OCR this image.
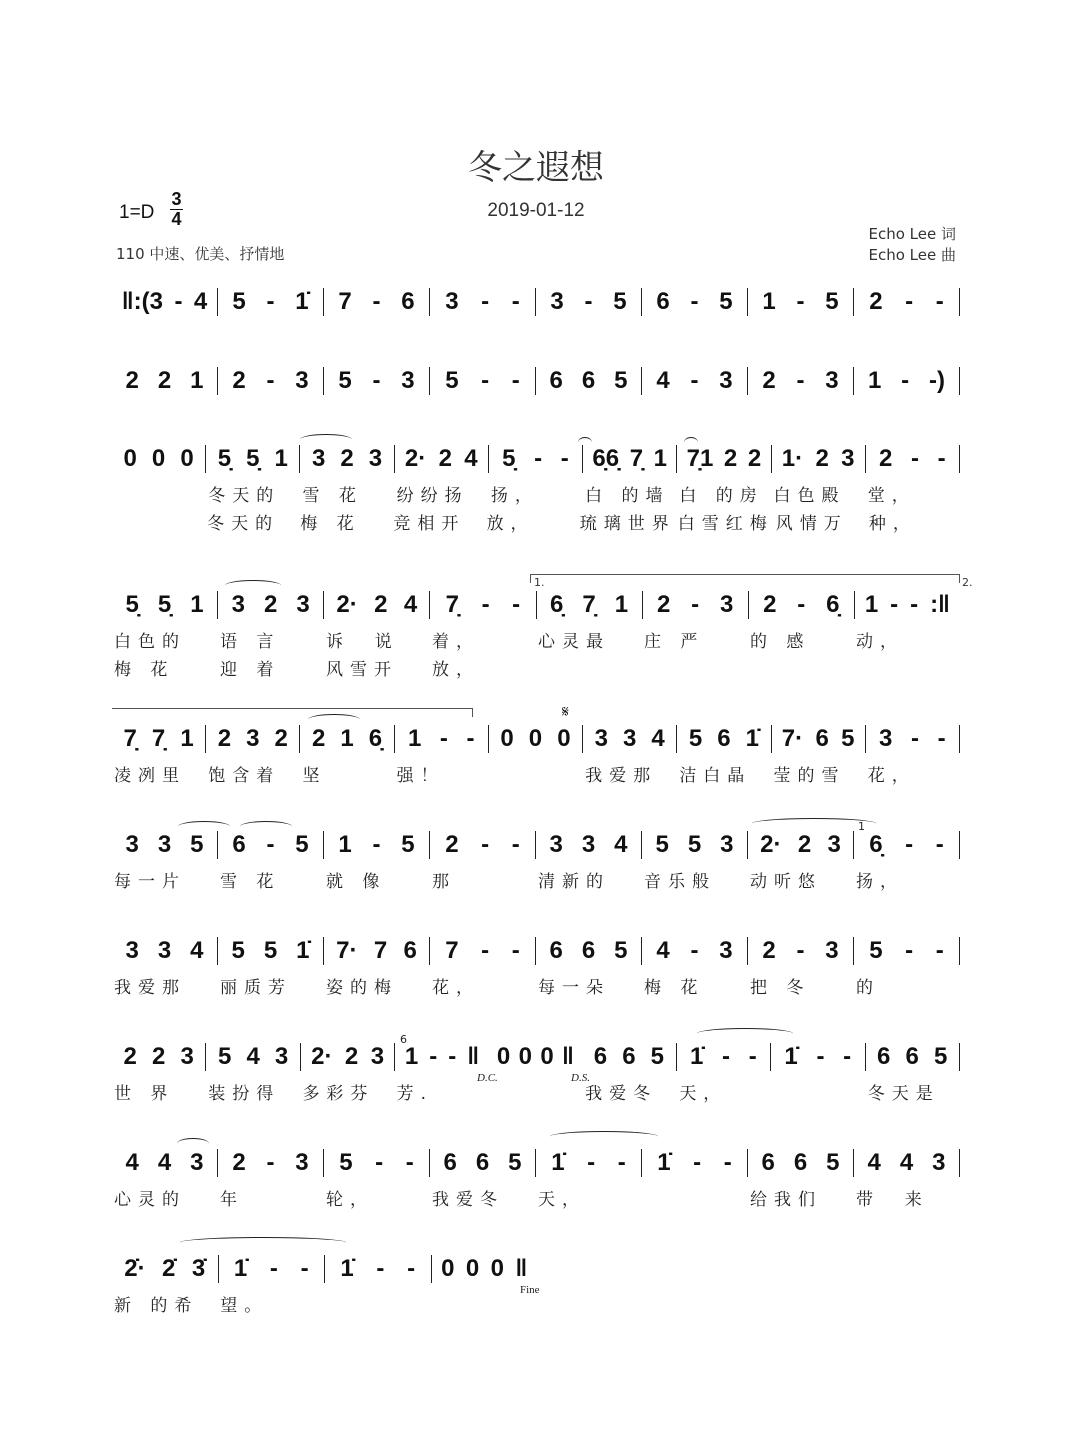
冬之遐想
2019-01-12
1=D
3
4
110 中速、优美、抒情地
Echo Lee 词
Echo Lee 曲
‖:(3 - 4 5 - 1̇ 7 - 6 3 - - 3 - 5 6 - 5 1 - 5 2 - -
2 2 1 2 - 3 5 - 3 5 - - 6 6 5 4 - 3 2 - 3 1 - -)
0 0 0 5̣ 5̣ 1 3 2 3 2· 2 4 5̣ - - 6̣6̣ 7̣ 1 7̣1 2 2 1· 2 3 2 - -
冬天的	雪 花	纷纷扬	扬，	白 的墙 白 的房 白色殿	堂，
冬天的	梅 花	竞相开	放，	琉璃世界 白雪红梅 风情万	种，
5̣ 5̣ 1 3 2 3 2· 2 4 7̣ - - 6̣ 7̣ 1 2 - 3 2 - 6̣ 1 - - :‖
白色的	语 言	诉  说	着，	心灵最	庄 严	的 感	动，
梅 花	迎 着	风雪开	放，
7̣ 7̣ 1 2 3 2 2 1 6̣ 1 - - 0 0 0 3 3 4 5 6 1̇ 7· 6 5 3 - -
凌冽里	饱含着	坚	强！	我爱那	洁白晶	莹的雪	花，
3 3 5 6 - 5 1 - 5 2 - - 3 3 4 5 5 3 2· 2 3 6̣ - -
每一片	雪 花	就 像	那	清新的	音乐般	动听悠	扬，
3 3 4 5 5 1̇ 7· 7 6 7 - - 6 6 5 4 - 3 2 - 3 5 - -
我爱那	丽质芳	姿的梅	花，	每一朵	梅 花	把 冬	的
2 2 3 5 4 3 2· 2 3 1 - - ‖ 0 0 0 ‖ 6 6 5 1̇ - - 1̇ - - 6 6 5
世 界	装扮得	多彩芬	芳.	我爱冬	天，	冬天是
4 4 3 2 - 3 5 - - 6 6 5 1̇ - - 1̇ - - 6 6 5 4 4 3
心灵的	年	轮，	我爱冬	天，	给我们	带  来
2̇· 2̇ 3̇ 1̇ - - 1̇ - - 0 0 0 ‖
新 的希	望。
1.	2.
𝄋
D.C.	D.S.
Fine
1
6
